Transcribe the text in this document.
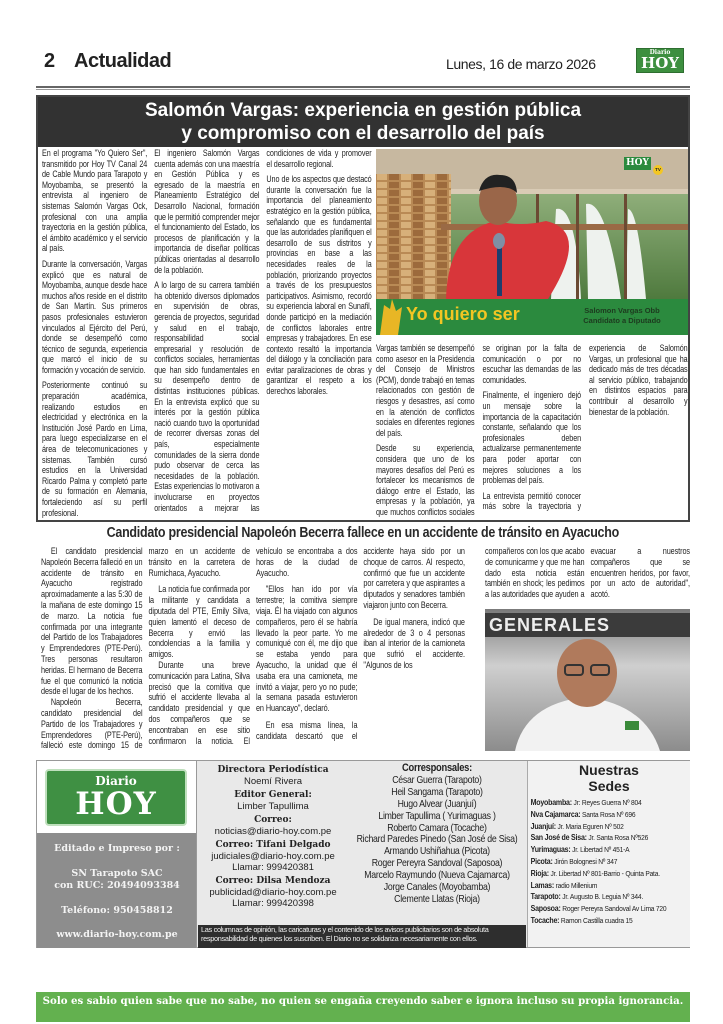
2 Actualidad	Lunes, 16 de marzo 2026
Diario
HOY
Salomón Vargas: experiencia en gestión pública
y compromiso con el desarrollo del país

En el programa "Yo Quiero Ser", transmitido por Hoy TV Canal 24 de Cable Mundo para Tarapoto y Moyobamba, se presentó la entrevista al ingeniero de sistemas Salomón Vargas Ock, profesional con una amplia trayectoria en la gestión pública, el ámbito académico y el servicio al país.

Durante la conversación, Vargas explicó que es natural de Moyobamba, aunque desde hace muchos años reside en el distrito de San Martín. Sus primeros pasos profesionales estuvieron vinculados al Ejército del Perú, donde se desempeñó como técnico de segunda, experiencia que marcó el inicio de su formación y vocación de servicio.

Posteriormente continuó su preparación académica, realizando estudios en electricidad y electrónica en la Institución José Pardo en Lima, para luego especializarse en el área de telecomunicaciones y sistemas. También cursó estudios en la Universidad Ricardo Palma y completó parte de su formación en Alemania, fortaleciendo así su perfil profesional.

El ingeniero Salomón Vargas cuenta además con una maestría en Gestión Pública y es egresado de la maestría en Planeamiento Estratégico del Desarrollo Nacional, formación que le permitió comprender mejor el funcionamiento del Estado, los procesos de planificación y la importancia de diseñar políticas públicas orientadas al desarrollo de la población.

A lo largo de su carrera también ha obtenido diversos diplomados en supervisión de obras, gerencia de proyectos, seguridad y salud en el trabajo, responsabilidad social empresarial y resolución de conflictos sociales, herramientas que han sido fundamentales en su desempeño dentro de distintas instituciones públicas. En la entrevista explicó que su interés por la gestión pública nació cuando tuvo la oportunidad de recorrer diversas zonas del país, especialmente comunidades de la sierra donde pudo observar de cerca las necesidades de la población. Estas experiencias lo motivaron a involucrarse en proyectos orientados a mejorar las condiciones de vida y promover el desarrollo regional.

Uno de los aspectos que destacó durante la conversación fue la importancia del planeamiento estratégico en la gestión pública, señalando que es fundamental que las autoridades planifiquen el desarrollo de sus distritos y provincias en base a las necesidades reales de la población, priorizando proyectos a través de los presupuestos participativos. Asimismo, recordó su experiencia laboral en Sunafil, donde participó en la mediación de conflictos laborales entre empresas y trabajadores. En ese contexto resaltó la importancia del diálogo y la conciliación para evitar paralizaciones de obras y garantizar el respeto a los derechos laborales.

Yo quiero ser	Salomon Vargas Obb
Candidato a Diputado
HOY
TV

Vargas también se desempeñó como asesor en la Presidencia del Consejo de Ministros (PCM), donde trabajó en temas relacionados con gestión de riesgos y desastres, así como en la atención de conflictos sociales en diferentes regiones del país.

Desde su experiencia, considera que uno de los mayores desafíos del Perú es fortalecer los mecanismos de diálogo entre el Estado, las empresas y la población, ya que muchos conflictos sociales se originan por la falta de comunicación o por no escuchar las demandas de las comunidades.

Finalmente, el ingeniero dejó un mensaje sobre la importancia de la capacitación constante, señalando que los profesionales deben actualizarse permanentemente para poder aportar con mejores soluciones a los problemas del país.

La entrevista permitió conocer más sobre la trayectoria y experiencia de Salomón Vargas, un profesional que ha dedicado más de tres décadas al servicio público, trabajando en distintos espacios para contribuir al desarrollo y bienestar de la población.

Candidato presidencial Napoleón Becerra fallece en un accidente de tránsito en Ayacucho

El candidato presidencial Napoleón Becerra falleció en un accidente de tránsito en Ayacucho registrado aproximadamente a las 5:30 de la mañana de este domingo 15 de marzo. La noticia fue confirmada por una integrante del Partido de los Trabajadores y Emprendedores (PTE-Perú). Tres personas resultaron heridas. El hermano de Becerra fue el que comunicó la noticia desde el lugar de los hechos.

Napoleón Becerra, candidato presidencial del Partido de los Trabajadores y Emprendedores (PTE-Perú), falleció este domingo 15 de marzo en un accidente de tránsito en la carretera de Rumichaca, Ayacucho.

La noticia fue confirmada por la militante y candidata a diputada del PTE, Emily Silva, quien lamentó el deceso de Becerra y envió las condolencias a la familia y amigos.

Durante una breve comunicación para Latina, Silva precisó que la comitiva que sufrió el accidente llevaba al candidato presidencial y que dos compañeros que se encontraban en ese sitio confirmaron la noticia. El vehículo se encontraba a dos horas de la ciudad de Ayacucho.

"Ellos han ido por vía terrestre; la comitiva siempre viaja. Él ha viajado con algunos compañeros, pero él se habría llevado la peor parte. Yo me comuniqué con él, me dijo que se estaba yendo para Ayacucho, la unidad que él usaba era una camioneta, me invitó a viajar, pero yo no pude; la semana pasada estuvieron en Huancayo", declaró.

En esa misma línea, la candidata descartó que el accidente haya sido por un choque de carros. Al respecto, confirmó que fue un accidente por carretera y que aspirantes a diputados y senadores también viajaron junto con Becerra.

De igual manera, indicó que alrededor de 3 o 4 personas iban al interior de la camioneta que sufrió el accidente. "Algunos de los

compañeros con los que acabo de comunicarme y que me han dado esta noticia están también en shock; les pedimos a las autoridades que ayuden a evacuar a nuestros compañeros que se encuentren heridos, por favor, por un acto de autoridad", acotó.

GENERALES
Diario
HOY
Editado e Impreso por :
SN Tarapoto SAC
con RUC: 20494093384
Teléfono: 950458812
www.diario-hoy.com.pe
Directora Periodística
Noemí Rivera
Editor General:
Limber Tapullima
Correo:
noticias@diario-hoy.com.pe
Correo: Tifani Delgado
judiciales@diario-hoy.com.pe
Llamar: 999420381
Correo: Dilsa Mendoza
publicidad@diario-hoy.com.pe
Llamar: 999420398
Corresponsales:
César Guerra (Tarapoto)
Heil Sangama (Tarapoto)
Hugo Alvear (Juanjuí)
Limber Tapullima ( Yurimaguas )
Roberto Camara (Tocache)
Richard Paredes Pinedo (San José de Sisa)
Armando Ushiñahua (Picota)
Roger Pereyra Sandoval (Saposoa)
Marcelo Raymundo (Nueva Cajamarca)
Jorge Canales (Moyobamba)
Clemente Llatas (Rioja)
Las columnas de opinión, las caricaturas y el contenido de los avisos publicitarios son de absoluta responsabilidad de quienes los suscriben. El Diario no se solidariza necesariamente con ellos.
Nuestras
Sedes
Moyobamba: Jr: Reyes Guerra Nº 804
Nva Cajamarca: Santa Rosa Nº 696
Juanjuí: Jr. Maria Eguren Nº 502
San José de Sisa: Jr. Santa Rosa Nº526
Yurimaguas: Jr. Libertad Nº 451-A
Picota: Jirón Bolognesi Nº 347
Rioja: Jr. Libertad Nº 801-Barrio - Quinta Pata.
Lamas: radio Millenium
Tarapoto: Jr. Augusto B. Leguia Nº 344.
Saposoa: Roger Pereyra Sandoval Av Lima 720
Tocache: Ramon Castilla cuadra 15
Solo es sabio quien sabe que no sabe, no quien se engaña creyendo saber e ignora incluso su propia ignorancia.
